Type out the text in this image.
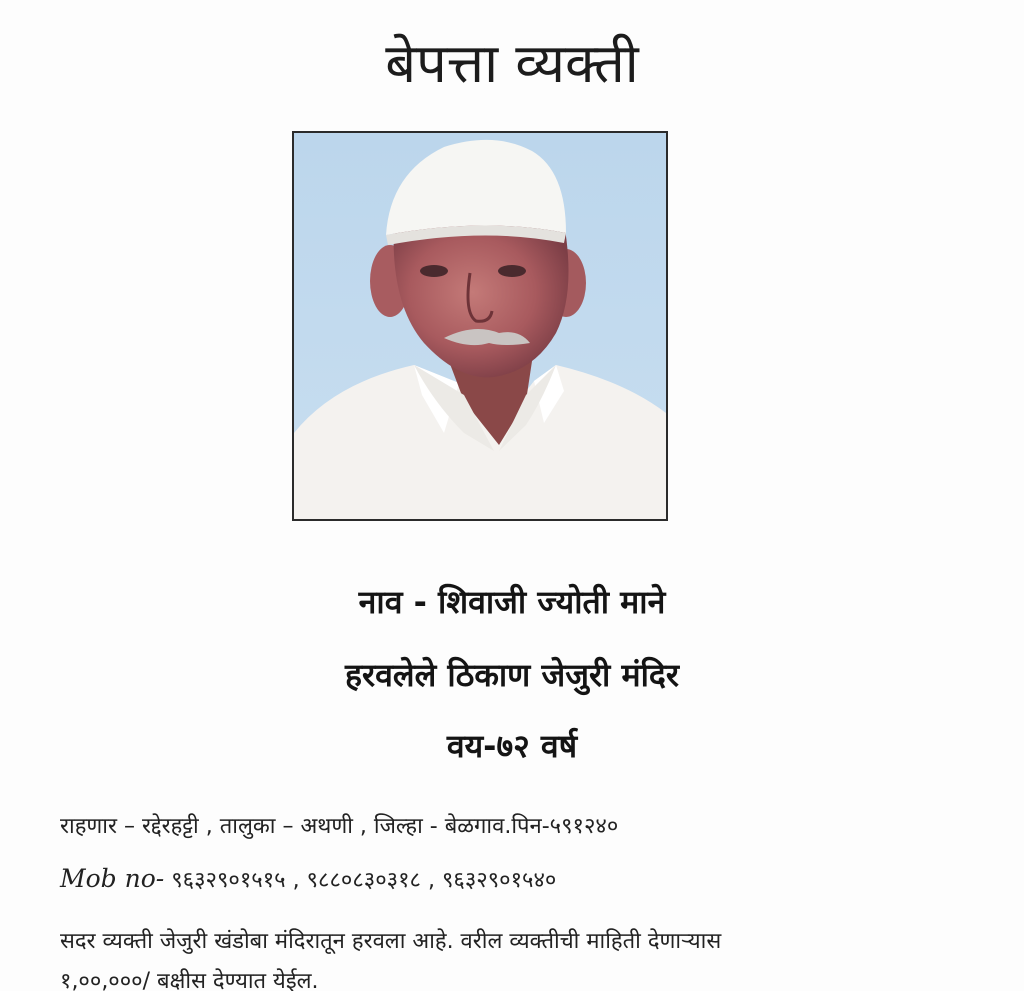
बेपत्ता व्यक्ती
नाव - शिवाजी ज्योती माने
हरवलेले ठिकाण जेजुरी मंदिर
वय-७२ वर्ष
राहणार – रद्देरहट्टी , तालुका – अथणी , जिल्हा - बेळगाव.पिन-५९१२४०
Mob no- ९६३२९०१५१५ , ९८८०८३०३१८ , ९६३२९०१५४०
सदर व्यक्ती जेजुरी खंडोबा मंदिरातून हरवला आहे. वरील व्यक्तीची माहिती देणाऱ्यास
१,००,०००/ बक्षीस देण्यात येईल.
